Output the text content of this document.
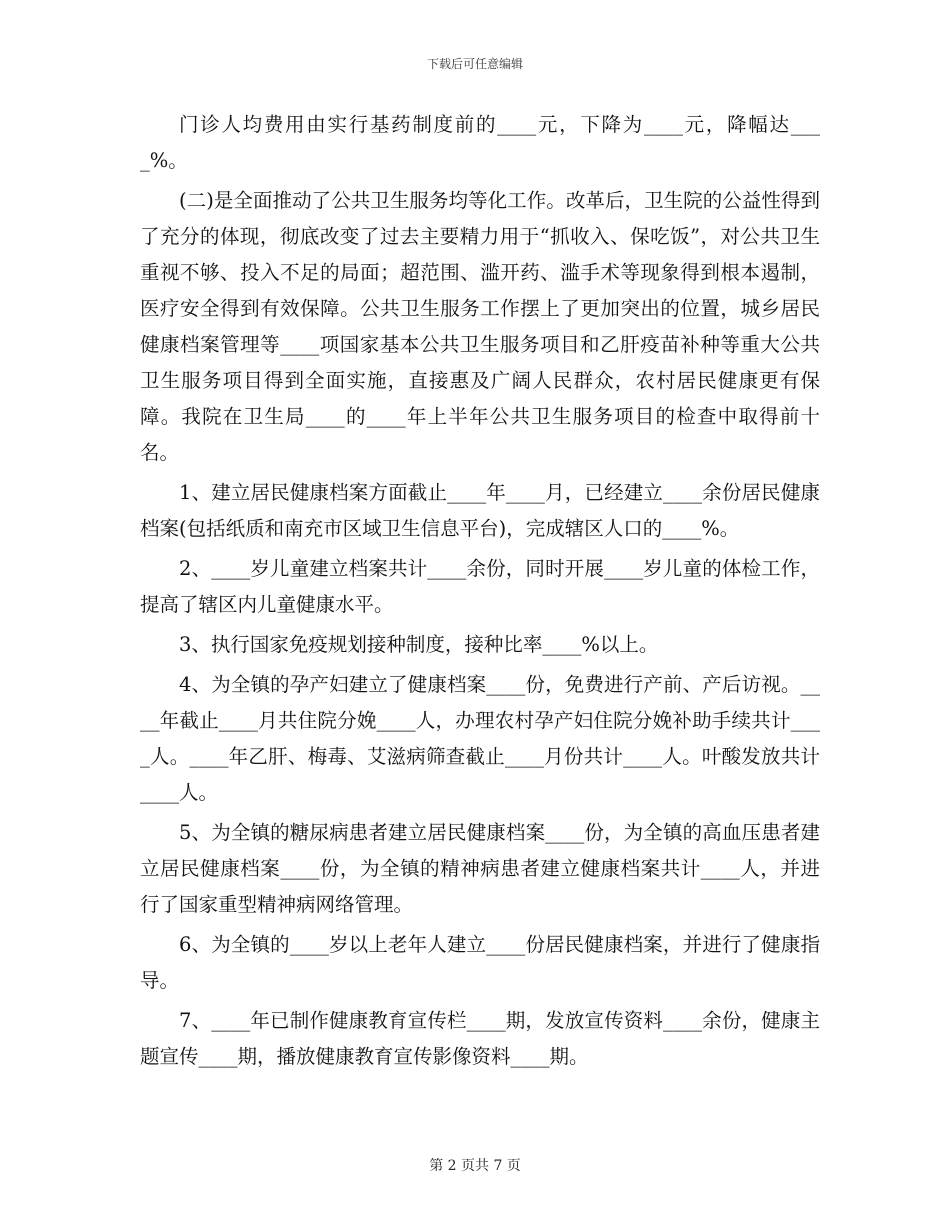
下载后可任意编辑

门诊人均费用由实行基药制度前的____元，下降为____元，降幅达____%。

(二)是全面推动了公共卫生服务均等化工作。改革后，卫生院的公益性得到了充分的体现，彻底改变了过去主要精力用于“抓收入、保吃饭”，对公共卫生重视不够、投入不足的局面；超范围、滥开药、滥手术等现象得到根本遏制，医疗安全得到有效保障。公共卫生服务工作摆上了更加突出的位置，城乡居民健康档案管理等____项国家基本公共卫生服务项目和乙肝疫苗补种等重大公共卫生服务项目得到全面实施，直接惠及广阔人民群众，农村居民健康更有保障。我院在卫生局____的____年上半年公共卫生服务项目的检查中取得前十名。

1、建立居民健康档案方面截止____年____月，已经建立____余份居民健康档案(包括纸质和南充市区域卫生信息平台)，完成辖区人口的____%。

2、____岁儿童建立档案共计____余份，同时开展____岁儿童的体检工作，提高了辖区内儿童健康水平。

3、执行国家免疫规划接种制度，接种比率____%以上。

4、为全镇的孕产妇建立了健康档案____份，免费进行产前、产后访视。____年截止____月共住院分娩____人，办理农村孕产妇住院分娩补助手续共计____人。____年乙肝、梅毒、艾滋病筛查截止____月份共计____人。叶酸发放共计____人。

5、为全镇的糖尿病患者建立居民健康档案____份，为全镇的高血压患者建立居民健康档案____份，为全镇的精神病患者建立健康档案共计____人，并进行了国家重型精神病网络管理。

6、为全镇的____岁以上老年人建立____份居民健康档案，并进行了健康指导。

7、____年已制作健康教育宣传栏____期，发放宣传资料____余份，健康主题宣传____期，播放健康教育宣传影像资料____期。

第 2 页共 7 页
